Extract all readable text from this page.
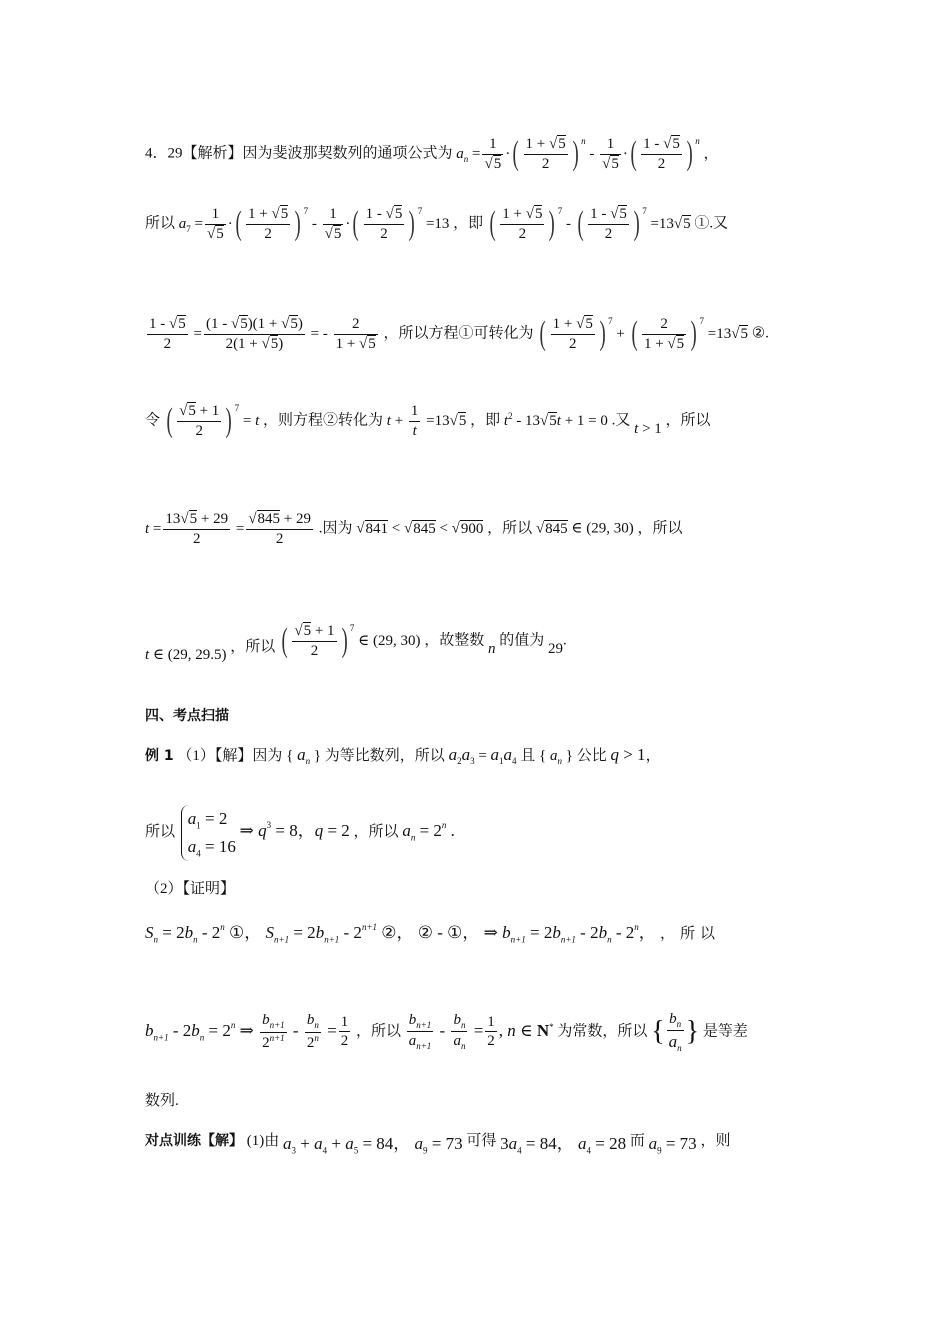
4．29【解析】因为斐波那契数列的通项公式为 $a_n = \frac{1}{√5}$ ·( $\frac{1 + √5}{2}$ ) $^n - \frac{1}{√5}$ ·( $\frac{1 - √5}{2}$ ) $^n$ ，
所以 $a_7 = \frac{1}{√5}$ ·( $\frac{1 + √5}{2}$ ) $^7 - \frac{1}{√5}$ ·( $\frac{1 - √5}{2}$ ) $^7$ =13 ，即 ( $\frac{1 + √5}{2}$ ) $^7$ - ( $\frac{1 - √5}{2}$ ) $^7$ =13√5 ①.又
$\frac{1 - √5}{2} = \frac{(1 - √5)(1 + √5)}{2(1 + √5)}$ = - $\frac{2}{1 + √5}$ ，所以方程①可转化为 ( $\frac{1 + √5}{2}$ ) $^7$ + ( $\frac{2}{1 + √5}$ ) $^7$ =13√5 ②.
令 ( $\frac{√5 + 1}{2}$ ) $^7$ = t ，则方程②转化为 $t + \frac{1}{t} =13√5$ ，即 $t^2 - 13√5t + 1 = 0$ .又 t > 1 ，所以
$t = \frac{13√5 + 29}{2} = \frac{√845 + 29}{2}$ .因为 √841 < √845 < √900 ，所以 √845 ∈ (29, 30) ，所以
t ∈ (29, 29.5) ，所以 ( $\frac{√5 + 1}{2}$ ) $^7$ ∈ (29, 30) ，故整数 n 的值为 29.
四、考点扫描
例 1 （1）【解】因为 { $a_n$ } 为等比数列，所以 $a_2a_3 = a_1a_4$ 且 { $a_n$ } 公比 q > 1，
所以 $a_1 = 2$
$a_4 = 16$ ⇒ $q^3 = 8$，q = 2 ，所以 $a_n = 2^n$ .
（2）【证明】
$S_n = 2b_n - 2^n$ ①， $S_{n+1} = 2b_{n+1} - 2^{n+1}$ ②， ② - ①， ⇒ $b_{n+1} = 2b_{n+1} - 2b_n - 2^n$， ，所以
$b_{n+1} - 2b_n = 2^n$ ⇒ $\frac{b_{n+1}}{2^{n+1}} - \frac{b_n}{2^n} = \frac{1}{2}$ ，所以 $\frac{b_{n+1}}{a_{n+1}} - \frac{b_n}{a_n} = \frac{1}{2}$ , n ∈ N* 为常数，所以 { $\frac{b_n}{a_n}$ } 是等差
数列.
对点训练【解】 (1)由 $a_3 + a_4 + a_5 = 84$， $a_9 = 73$ 可得 $3a_4 = 84$， $a_4 = 28$ 而 $a_9 = 73$ ，则
